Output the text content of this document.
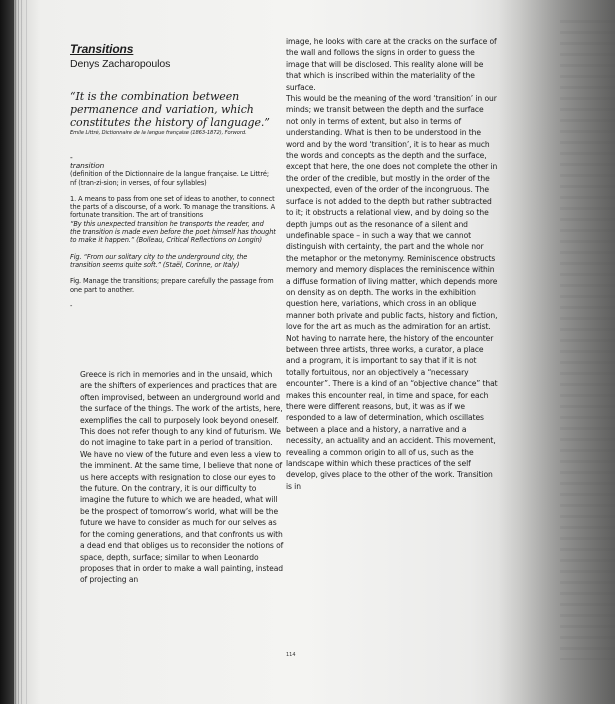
Transitions

Denys Zacharopoulos

“It is the combination between permanence and variation, which constitutes the history of language.”

Emile Littré, Dictionnaire de la langue française (1863-1872), Forword.

-

transition

(definition of the Dictionnaire de la langue française. Le Littré; nf (tran-zi-sion; in verses, of four syllables)

1. A means to pass from one set of ideas to another, to connect the parts of a discourse, of a work. To manage the transitions. A fortunate transition. The art of transitions

“By this unexpected transition he transports the reader, and the transition is made even before the poet himself has thought to make it happen.” (Boileau, Critical Reflections on Longin)

Fig. “From our solitary city to the underground city, the transition seems quite soft.” (Staël, Corinne, or Italy)

Fig. Manage the transitions; prepare carefully the passage from one part to another.

-

Greece is rich in memories and in the unsaid, which are the shifters of experiences and practices that are often improvised, between an underground world and the surface of the things. The work of the artists, here, exemplifies the call to purposely look beyond oneself. This does not refer though to any kind of futurism. We do not imagine to take part in a period of transition. We have no view of the future and even less a view to the imminent. At the same time, I believe that none of us here accepts with resignation to close our eyes to the future. On the contrary, it is our difficulty to imagine the future to which we are headed, what will be the prospect of tomorrow’s world, what will be the future we have to consider as much for our selves as for the coming generations, and that confronts us with a dead end that obliges us to reconsider the notions of space, depth, surface; similar to when Leonardo proposes that in order to make a wall painting, instead of projecting an

image, he looks with care at the cracks on the surface of the wall and follows the signs in order to guess the image that will be disclosed. This reality alone will be that which is inscribed within the materiality of the surface.

This would be the meaning of the word ‘transition’ in our minds; we transit between the depth and the surface not only in terms of extent, but also in terms of understanding. What is then to be understood in the word and by the word ‘transition’, it is to hear as much the words and concepts as the depth and the surface, except that here, the one does not complete the other in the order of the credible, but mostly in the order of the unexpected, even of the order of the incongruous. The surface is not added to the depth but rather subtracted to it; it obstructs a relational view, and by doing so the depth jumps out as the resonance of a silent and undefinable space – in such a way that we cannot distinguish with certainty, the part and the whole nor the metaphor or the metonymy. Reminiscence obstructs memory and memory displaces the reminiscence within a diffuse formation of living matter, which depends more on density as on depth. The works in the exhibition question here, variations, which cross in an oblique manner both private and public facts, history and fiction, love for the art as much as the admiration for an artist. Not having to narrate here, the history of the encounter between three artists, three works, a curator, a place and a program, it is important to say that if it is not totally fortuitous, nor an objectively a “necessary encounter”. There is a kind of an “objective chance” that makes this encounter real, in time and space, for each there were different reasons, but, it was as if we responded to a law of determination, which oscillates between a place and a history, a narrative and a necessity, an actuality and an accident. This movement, revealing a common origin to all of us, such as the landscape within which these practices of the self develop, gives place to the other of the work. Transition is in

114
